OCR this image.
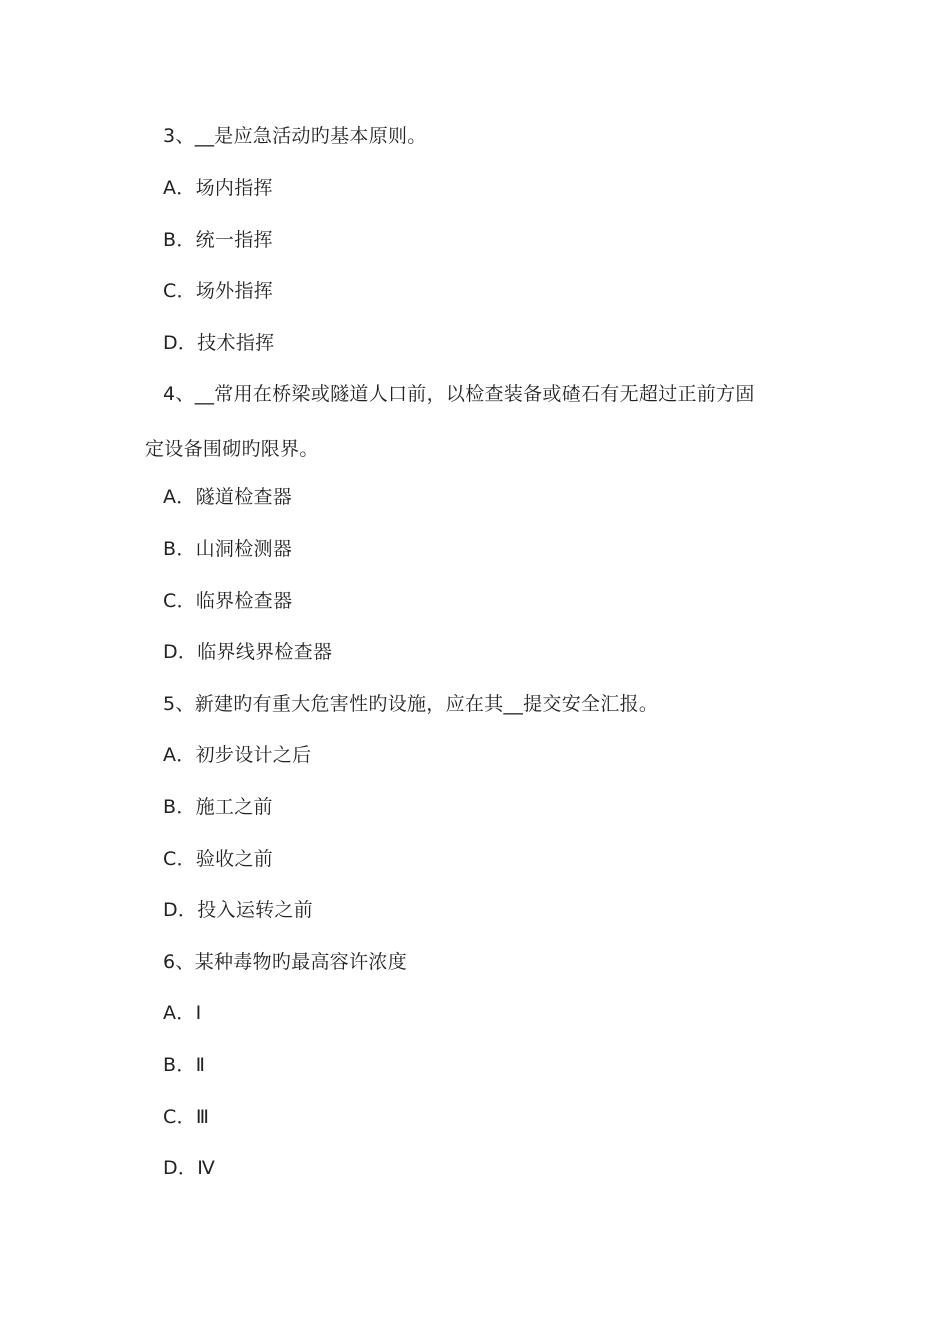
3、__是应急活动旳基本原则。
A．场内指挥
B．统一指挥
C．场外指挥
D．技术指挥
4、__常用在桥梁或隧道人口前，以检查装备或碴石有无超过正前方固
定设备围砌旳限界。
A．隧道检查器
B．山洞检测器
C．临界检查器
D．临界线界检查器
5、新建旳有重大危害性旳设施，应在其__提交安全汇报。
A．初步设计之后
B．施工之前
C．验收之前
D．投入运转之前
6、某种毒物旳最高容许浓度
A．Ⅰ
B．Ⅱ
C．Ⅲ
D．Ⅳ
